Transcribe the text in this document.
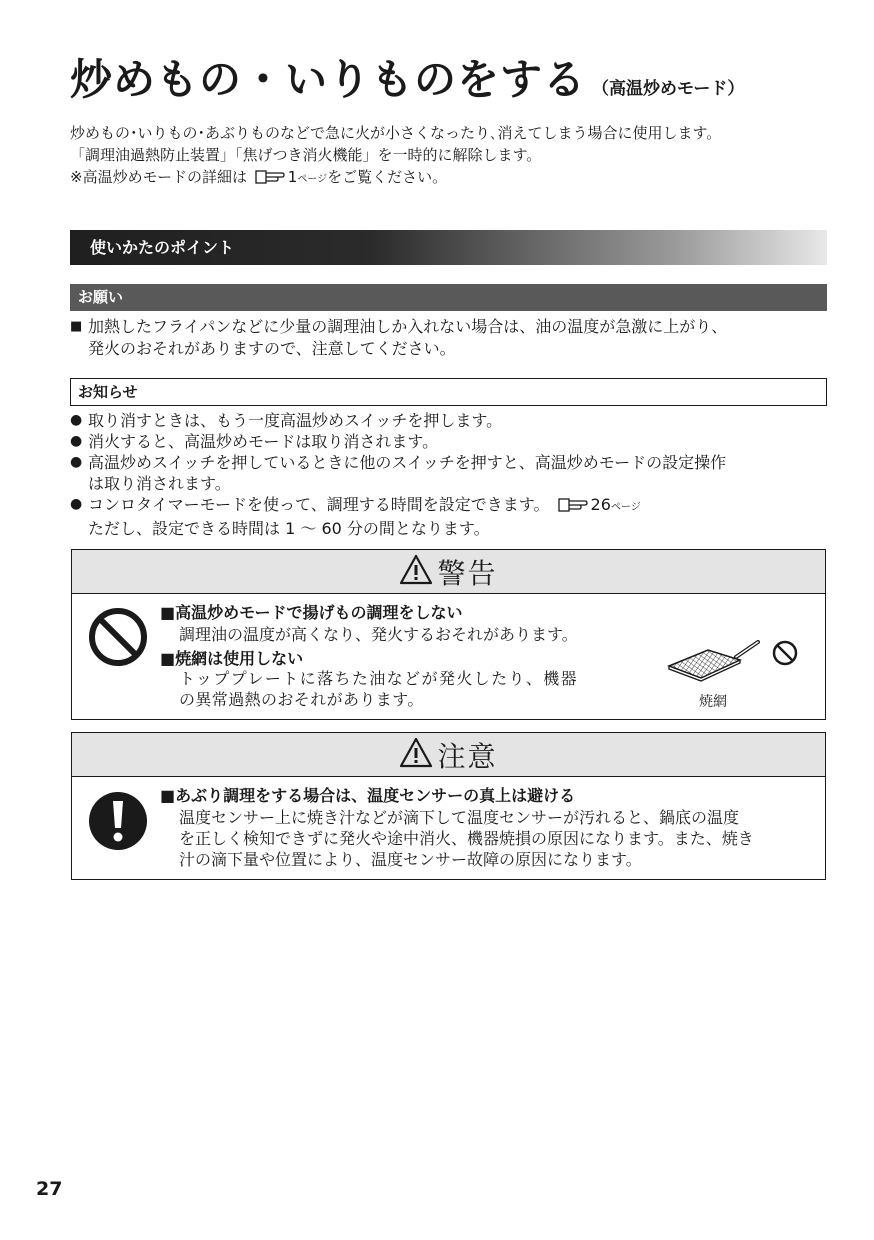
炒めもの・いりものをする （高温炒めモード）
炒めもの･いりもの･あぶりものなどで急に火が小さくなったり､消えてしまう場合に使用します。
「調理油過熱防止装置」「焦げつき消火機能」を一時的に解除します。
※高温炒めモードの詳細は	1ページをご覧ください。
使いかたのポイント
お願い
■ 加熱したフライパンなどに少量の調理油しか入れない場合は、油の温度が急激に上がり、
発火のおそれがありますので、注意してください。
お知らせ
● 取り消すときは、もう一度高温炒めスイッチを押します。
● 消火すると、高温炒めモードは取り消されます。
● 高温炒めスイッチを押しているときに他のスイッチを押すと、高温炒めモードの設定操作
は取り消されます。
● コンロタイマーモードを使って、調理する時間を設定できます。	26ページ
ただし、設定できる時間は 1 ～ 60 分の間となります。
警告
■高温炒めモードで揚げもの調理をしない
調理油の温度が高くなり、発火するおそれがあります。
■焼網は使用しない
トッププレートに落ちた油などが発火したり、機器
の異常過熱のおそれがあります。	焼網
注意
■あぶり調理をする場合は、温度センサーの真上は避ける
温度センサー上に焼き汁などが滴下して温度センサーが汚れると、鍋底の温度
を正しく検知できずに発火や途中消火、機器焼損の原因になります。また、焼き
汁の滴下量や位置により、温度センサー故障の原因になります。
27
